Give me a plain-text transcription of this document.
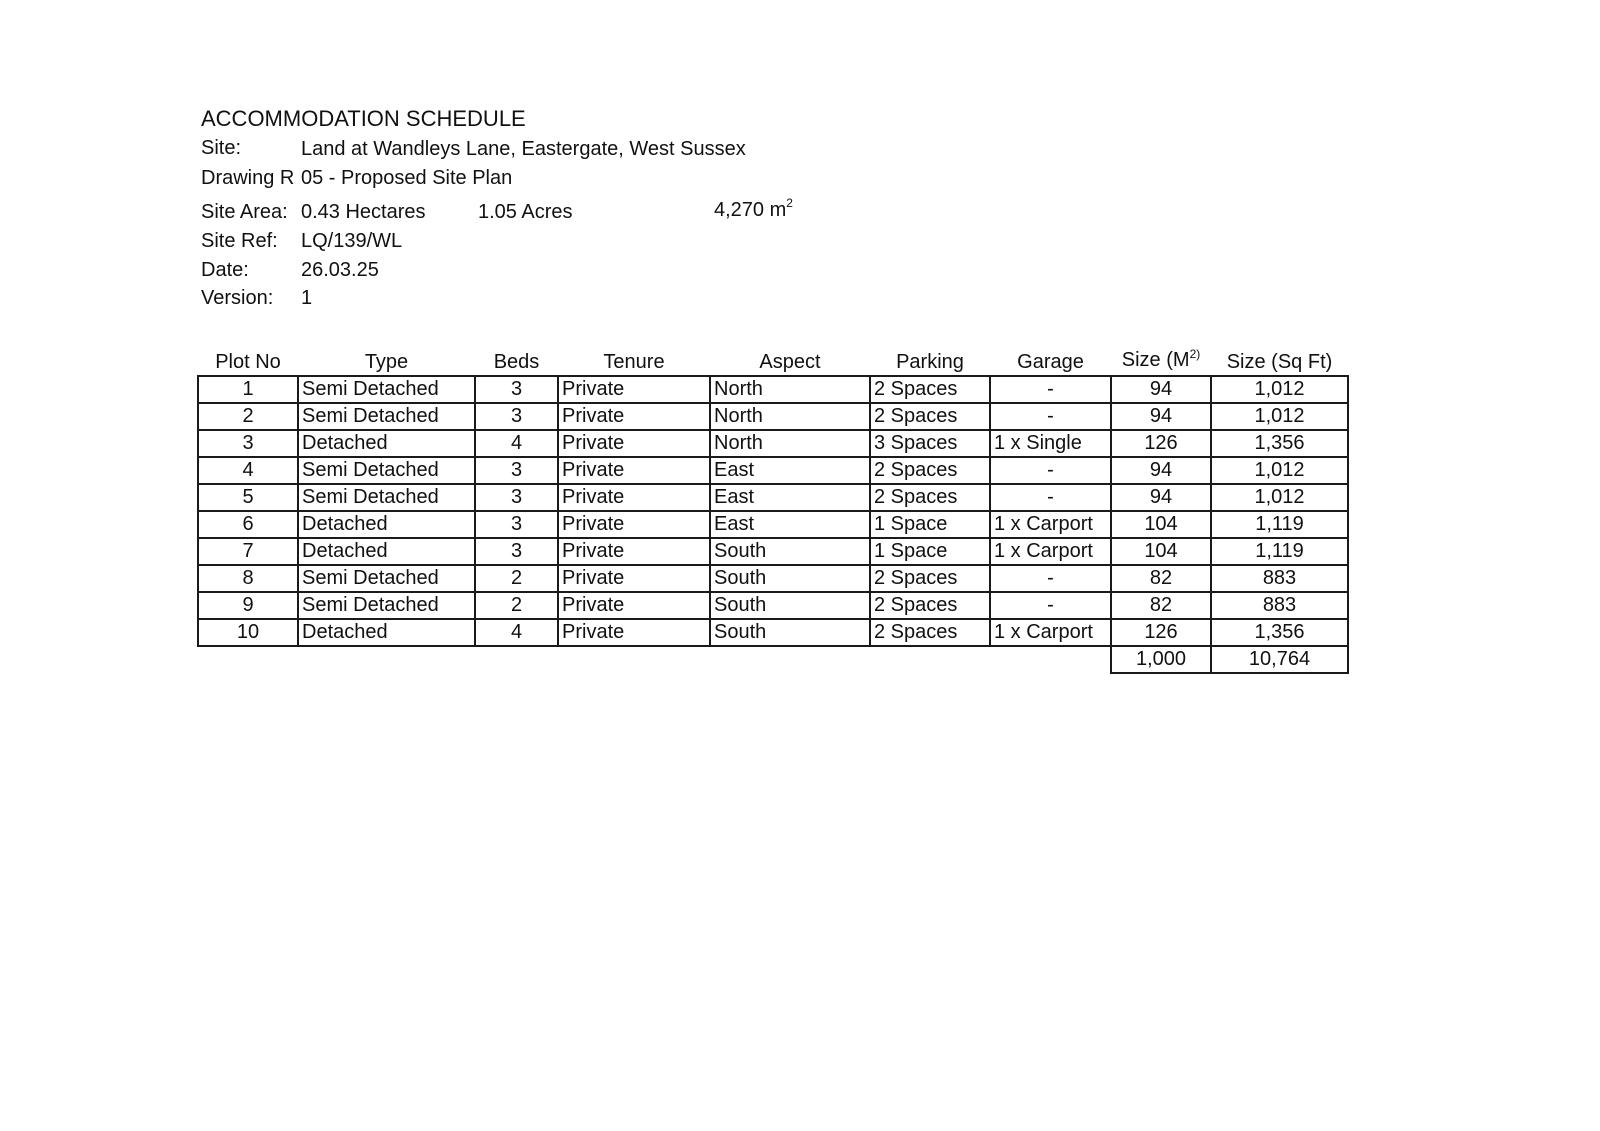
ACCOMMODATION SCHEDULE
Site:	Land at Wandleys Lane, Eastergate, West Sussex
Drawing R 05 - Proposed Site Plan
Site Area: 0.43 Hectares	1.05 Acres	4,270 $m^2$
Site Ref:	LQ/139/WL
Date:	26.03.25
Version:	1
Plot No	Type	Beds	Tenure	Aspect	Parking	Garage	Size ($M^{2)}$	Size (Sq Ft)
1	Semi Detached	3	Private	North	2 Spaces	-	94	1,012
2	Semi Detached	3	Private	North	2 Spaces	-	94	1,012
3	Detached	4	Private	North	3 Spaces	1 x Single	126	1,356
4	Semi Detached	3	Private	East	2 Spaces	-	94	1,012
5	Semi Detached	3	Private	East	2 Spaces	-	94	1,012
6	Detached	3	Private	East	1 Space	1 x Carport	104	1,119
7	Detached	3	Private	South	1 Space	1 x Carport	104	1,119
8	Semi Detached	2	Private	South	2 Spaces	-	82	883
9	Semi Detached	2	Private	South	2 Spaces	-	82	883
10	Detached	4	Private	South	2 Spaces	1 x Carport	126	1,356
							1,000	10,764
